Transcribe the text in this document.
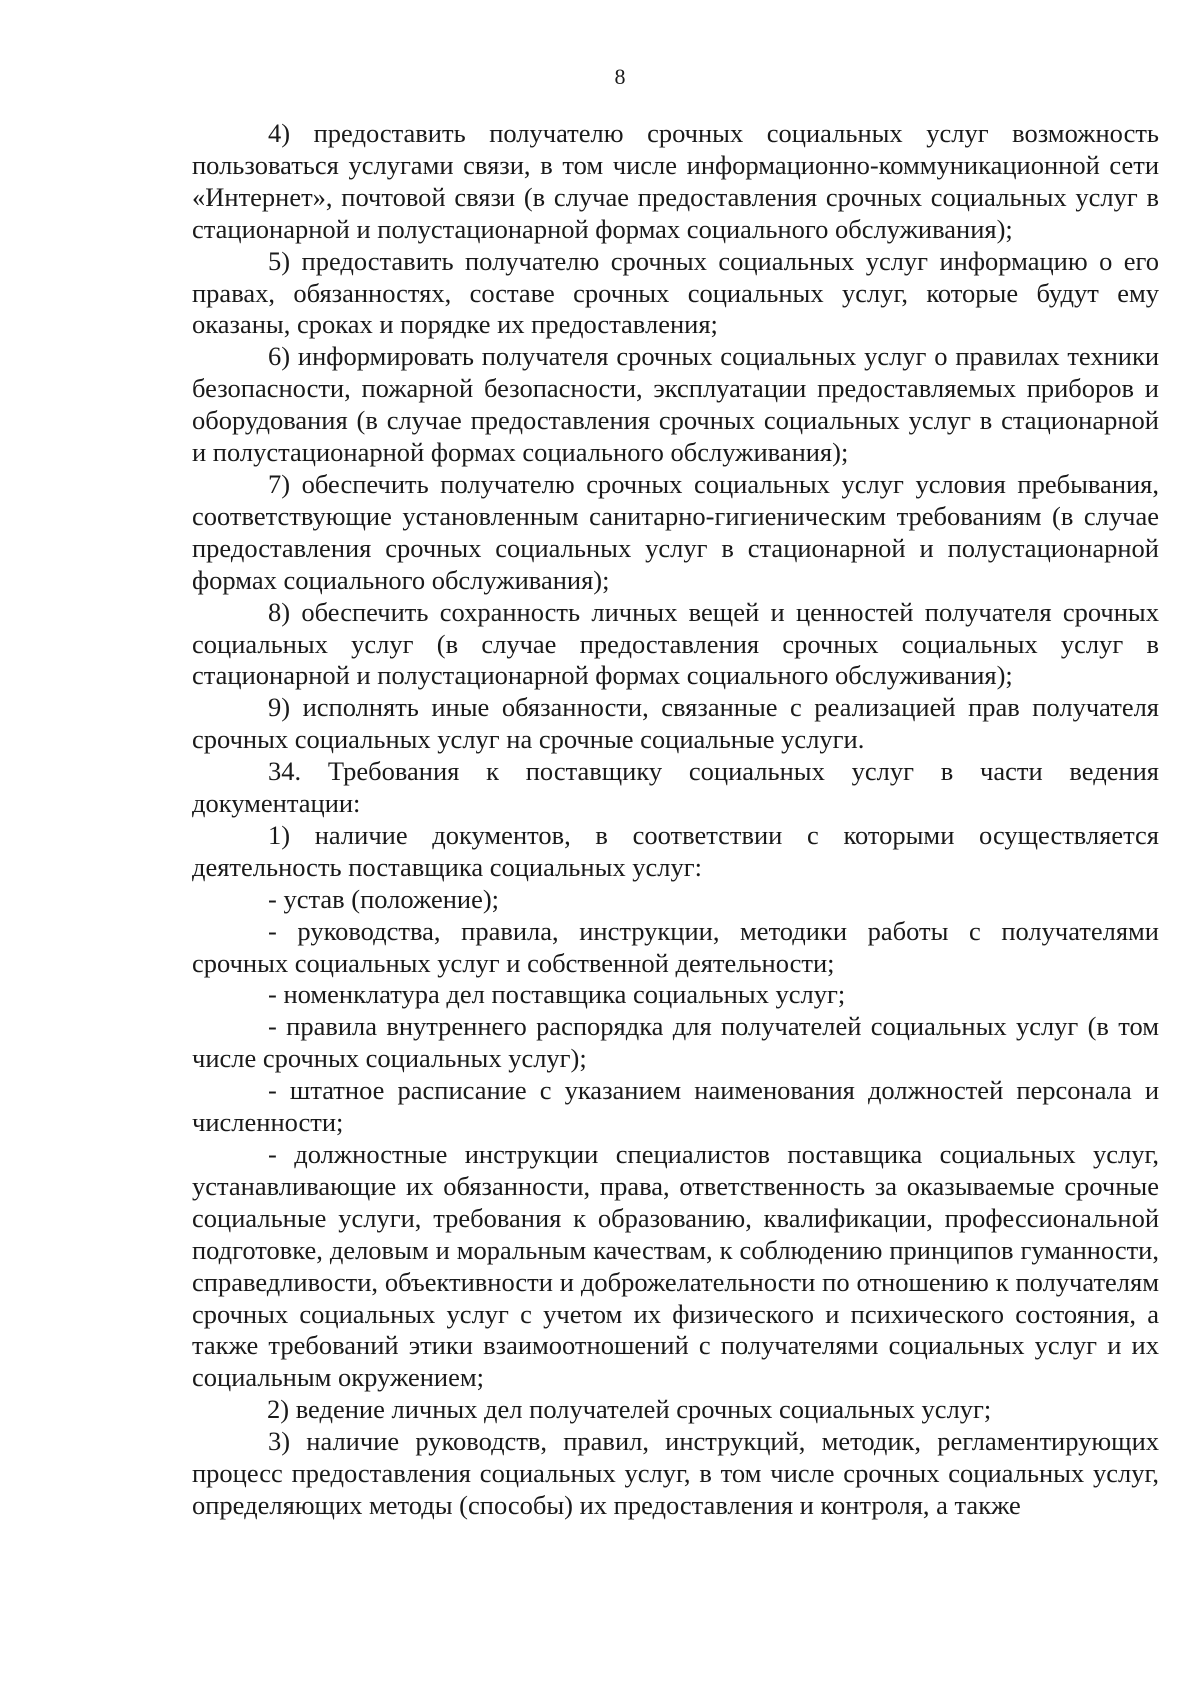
8

4) предоставить получателю срочных социальных услуг возможность пользоваться услугами связи, в том числе информационно-коммуникационной сети «Интернет», почтовой связи (в случае предоставления срочных социальных услуг в стационарной и полустационарной формах социального обслуживания);

5) предоставить получателю срочных социальных услуг информацию о его правах, обязанностях, составе срочных социальных услуг, которые будут ему оказаны, сроках и порядке их предоставления;

6) информировать получателя срочных социальных услуг о правилах техники безопасности, пожарной безопасности, эксплуатации предоставляемых приборов и оборудования (в случае предоставления срочных социальных услуг в стационарной и полустационарной формах социального обслуживания);

7) обеспечить получателю срочных социальных услуг условия пребывания, соответствующие установленным санитарно-гигиеническим требованиям (в случае предоставления срочных социальных услуг в стационарной и полустационарной формах социального обслуживания);

8) обеспечить сохранность личных вещей и ценностей получателя срочных социальных услуг (в случае предоставления срочных социальных услуг в стационарной и полустационарной формах социального обслуживания);

9) исполнять иные обязанности, связанные с реализацией прав получателя срочных социальных услуг на срочные социальные услуги.

34. Требования к поставщику социальных услуг в части ведения документации:

1) наличие документов, в соответствии с которыми осуществляется деятельность поставщика социальных услуг:

- устав (положение);

- руководства, правила, инструкции, методики работы с получателями срочных социальных услуг и собственной деятельности;

- номенклатура дел поставщика социальных услуг;

- правила внутреннего распорядка для получателей социальных услуг (в том числе срочных социальных услуг);

- штатное расписание с указанием наименования должностей персонала и численности;

- должностные инструкции специалистов поставщика социальных услуг, устанавливающие их обязанности, права, ответственность за оказываемые срочные социальные услуги, требования к образованию, квалификации, профессиональной подготовке, деловым и моральным качествам, к соблюдению принципов гуманности, справедливости, объективности и доброжелательности по отношению к получателям срочных социальных услуг с учетом их физического и психического состояния, а также требований этики взаимоотношений с получателями социальных услуг и их социальным окружением;

2) ведение личных дел получателей срочных социальных услуг;

3) наличие руководств, правил, инструкций, методик, регламентирующих процесс предоставления социальных услуг, в том числе срочных социальных услуг, определяющих методы (способы) их предоставления и контроля, а также
